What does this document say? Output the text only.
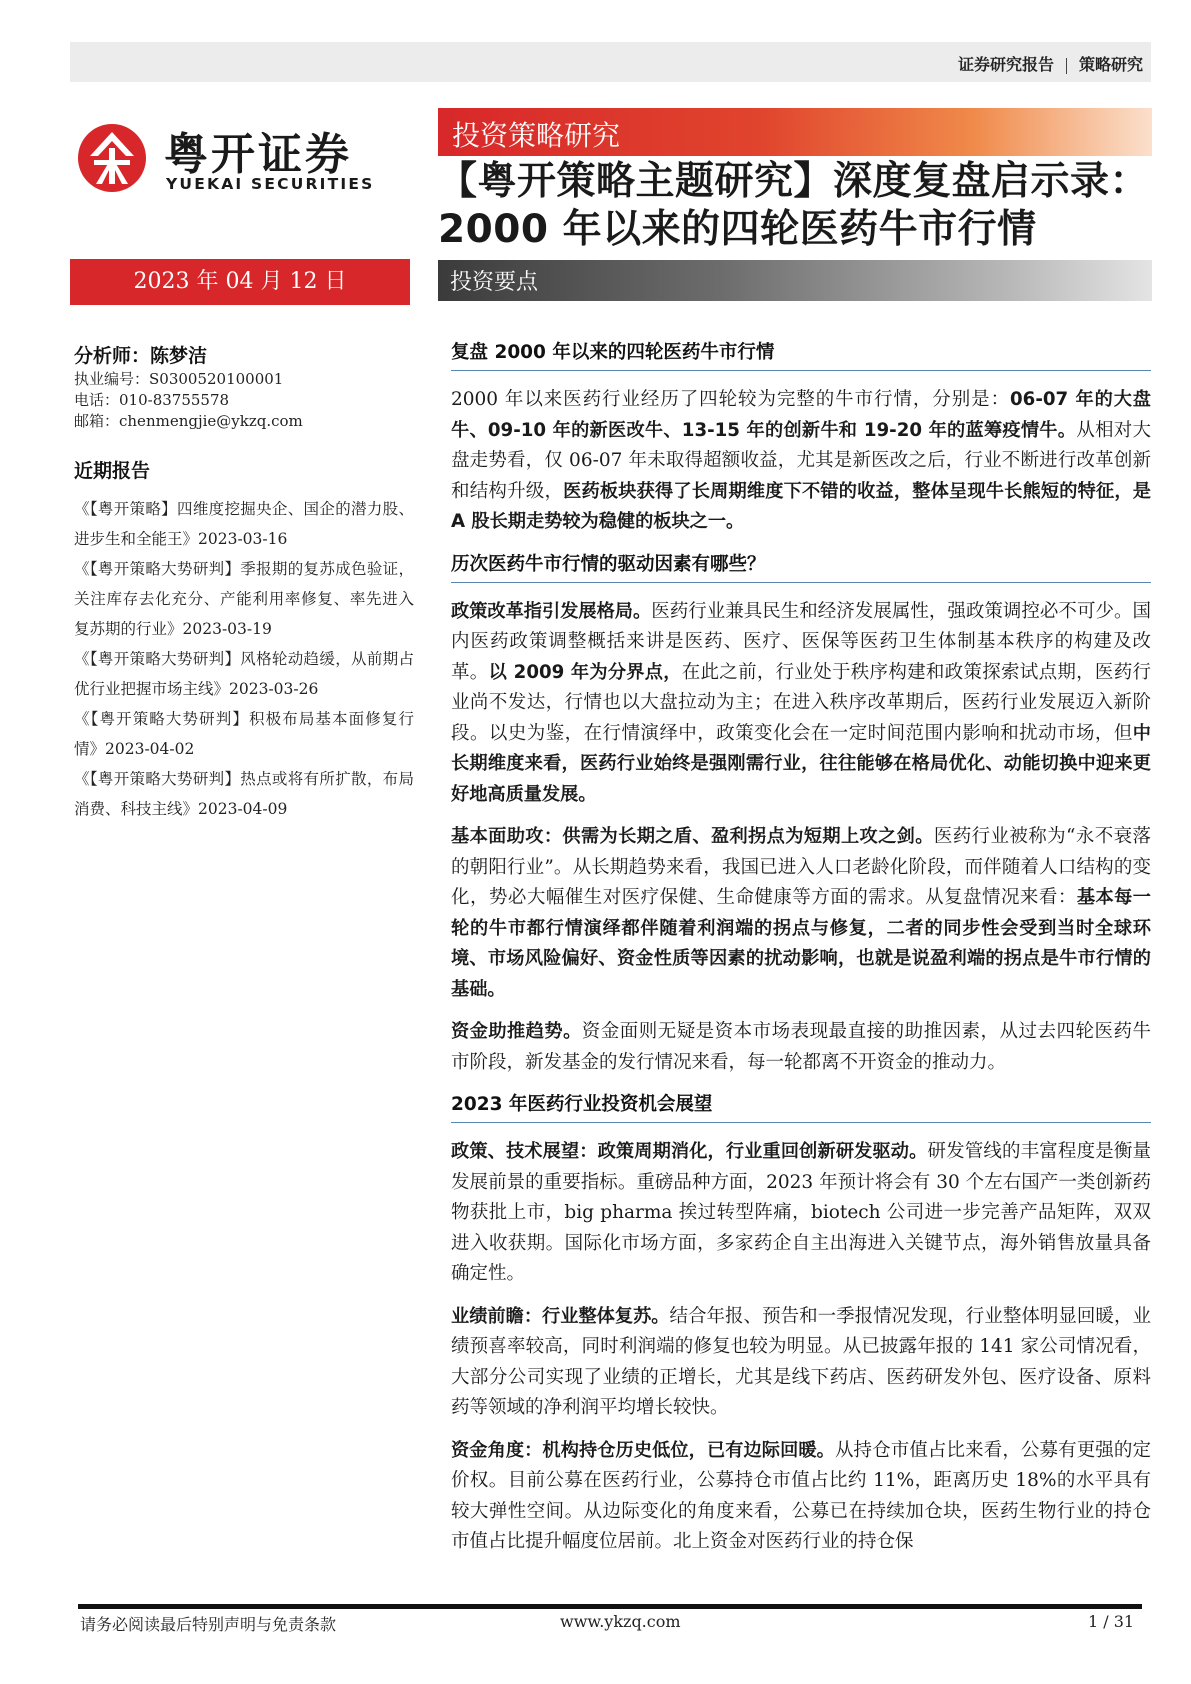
证券研究报告 策略研究
粤开证券
YUEKAI SECURITIES
2023 年 04 月 12 日
投资策略研究
【粤开策略主题研究】深度复盘启示录：2000 年以来的四轮医药牛市行情
投资要点
分析师：陈梦洁
执业编号：S0300520100001
电话：010-83755578
邮箱：chenmengjie@ykzq.com
近期报告
《【粤开策略】四维度挖掘央企、国企的潜力股、进步生和全能王》2023-03-16
《【粤开策略大势研判】季报期的复苏成色验证，关注库存去化充分、产能利用率修复、率先进入复苏期的行业》2023-03-19
《【粤开策略大势研判】风格轮动趋缓，从前期占优行业把握市场主线》2023-03-26
《【粤开策略大势研判】积极布局基本面修复行情》2023-04-02
《【粤开策略大势研判】热点或将有所扩散，布局消费、科技主线》2023-04-09
复盘 2000 年以来的四轮医药牛市行情

2000 年以来医药行业经历了四轮较为完整的牛市行情，分别是：06-07 年的大盘牛、09-10 年的新医改牛、13-15 年的创新牛和 19-20 年的蓝筹疫情牛。从相对大盘走势看，仅 06-07 年未取得超额收益，尤其是新医改之后，行业不断进行改革创新和结构升级，医药板块获得了长周期维度下不错的收益，整体呈现牛长熊短的特征，是 A 股长期走势较为稳健的板块之一。

历次医药牛市行情的驱动因素有哪些？

政策改革指引发展格局。医药行业兼具民生和经济发展属性，强政策调控必不可少。国内医药政策调整概括来讲是医药、医疗、医保等医药卫生体制基本秩序的构建及改革。以 2009 年为分界点，在此之前，行业处于秩序构建和政策探索试点期，医药行业尚不发达，行情也以大盘拉动为主；在进入秩序改革期后，医药行业发展迈入新阶段。以史为鉴，在行情演绎中，政策变化会在一定时间范围内影响和扰动市场，但中长期维度来看，医药行业始终是强刚需行业，往往能够在格局优化、动能切换中迎来更好地高质量发展。

基本面助攻：供需为长期之盾、盈利拐点为短期上攻之剑。医药行业被称为“永不衰落的朝阳行业”。从长期趋势来看，我国已进入人口老龄化阶段，而伴随着人口结构的变化，势必大幅催生对医疗保健、生命健康等方面的需求。从复盘情况来看：基本每一轮的牛市都行情演绎都伴随着利润端的拐点与修复，二者的同步性会受到当时全球环境、市场风险偏好、资金性质等因素的扰动影响，也就是说盈利端的拐点是牛市行情的基础。

资金助推趋势。资金面则无疑是资本市场表现最直接的助推因素，从过去四轮医药牛市阶段，新发基金的发行情况来看，每一轮都离不开资金的推动力。

2023 年医药行业投资机会展望

政策、技术展望：政策周期消化，行业重回创新研发驱动。研发管线的丰富程度是衡量发展前景的重要指标。重磅品种方面，2023 年预计将会有 30 个左右国产一类创新药物获批上市，big pharma 挨过转型阵痛，biotech 公司进一步完善产品矩阵，双双进入收获期。国际化市场方面，多家药企自主出海进入关键节点，海外销售放量具备确定性。

业绩前瞻：行业整体复苏。结合年报、预告和一季报情况发现，行业整体明显回暖，业绩预喜率较高，同时利润端的修复也较为明显。从已披露年报的 141 家公司情况看，大部分公司实现了业绩的正增长，尤其是线下药店、医药研发外包、医疗设备、原料药等领域的净利润平均增长较快。

资金角度：机构持仓历史低位，已有边际回暖。从持仓市值占比来看，公募有更强的定价权。目前公募在医药行业，公募持仓市值占比约 11%，距离历史 18%的水平具有较大弹性空间。从边际变化的角度来看，公募已在持续加仓块，医药生物行业的持仓市值占比提升幅度位居前。北上资金对医药行业的持仓保

请务必阅读最后特别声明与免责条款	www.ykzq.com	1 / 31
